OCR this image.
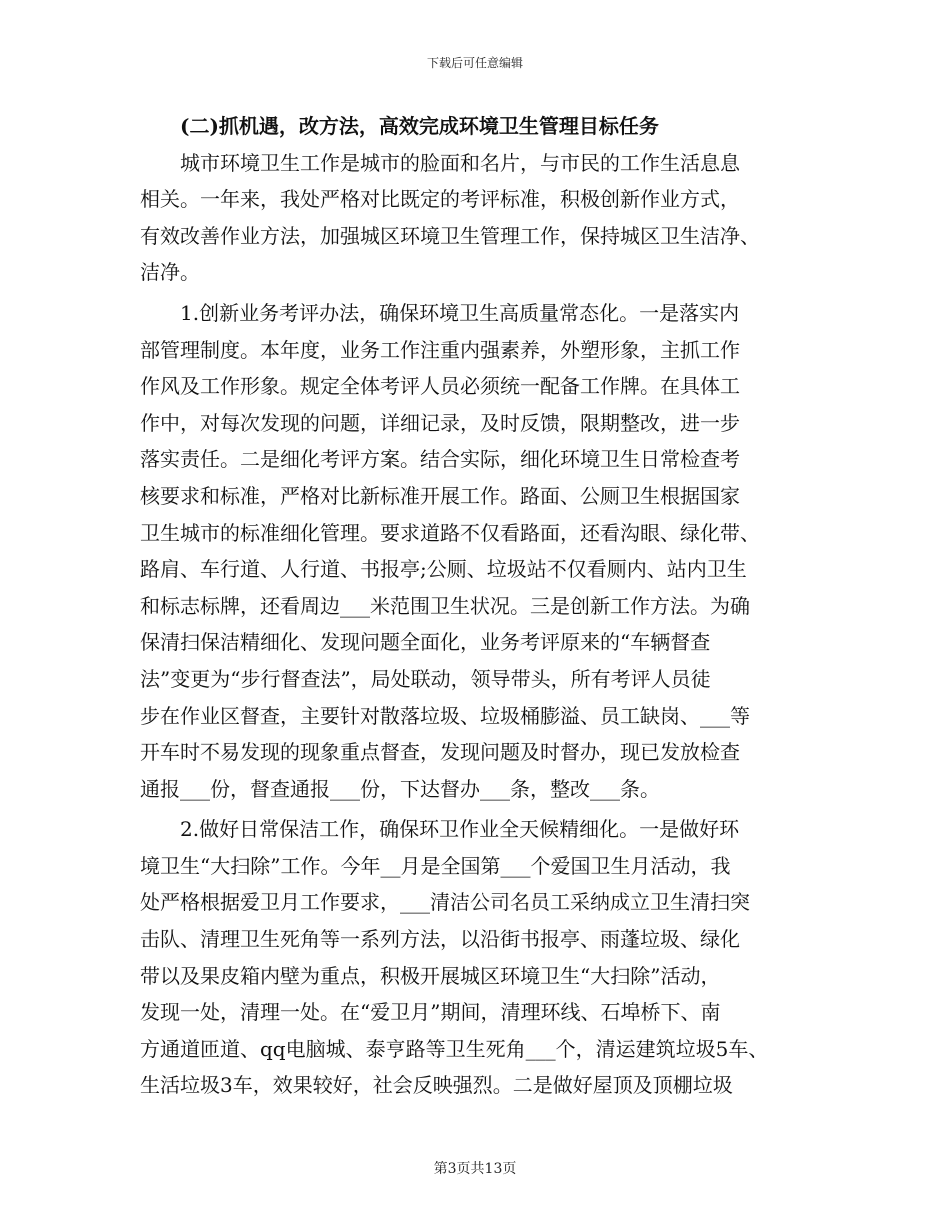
下载后可任意编辑
(二)抓机遇，改方法，高效完成环境卫生管理目标任务
城市环境卫生工作是城市的脸面和名片，与市民的工作生活息息
相关。一年来，我处严格对比既定的考评标准，积极创新作业方式，
有效改善作业方法，加强城区环境卫生管理工作，保持城区卫生洁净、
洁净。
1.创新业务考评办法，确保环境卫生高质量常态化。一是落实内
部管理制度。本年度，业务工作注重内强素养，外塑形象，主抓工作
作风及工作形象。规定全体考评人员必须统一配备工作牌。在具体工
作中，对每次发现的问题，详细记录，及时反馈，限期整改，进一步
落实责任。二是细化考评方案。结合实际，细化环境卫生日常检查考
核要求和标准，严格对比新标准开展工作。路面、公厕卫生根据国家
卫生城市的标准细化管理。要求道路不仅看路面，还看沟眼、绿化带、
路肩、车行道、人行道、书报亭;公厕、垃圾站不仅看厕内、站内卫生
和标志标牌，还看周边___米范围卫生状况。三是创新工作方法。为确
保清扫保洁精细化、发现问题全面化，业务考评原来的“车辆督查
法”变更为“步行督查法”，局处联动，领导带头，所有考评人员徒
步在作业区督查，主要针对散落垃圾、垃圾桶膨溢、员工缺岗、___等
开车时不易发现的现象重点督查，发现问题及时督办，现已发放检查
通报___份，督查通报___份，下达督办___条，整改___条。
2.做好日常保洁工作，确保环卫作业全天候精细化。一是做好环
境卫生“大扫除”工作。今年__月是全国第___个爱国卫生月活动，我
处严格根据爱卫月工作要求，___清洁公司名员工采纳成立卫生清扫突
击队、清理卫生死角等一系列方法，以沿街书报亭、雨蓬垃圾、绿化
带以及果皮箱内壁为重点，积极开展城区环境卫生“大扫除”活动，
发现一处，清理一处。在“爱卫月”期间，清理环线、石埠桥下、南
方通道匝道、qq电脑城、泰亨路等卫生死角___个，清运建筑垃圾5车、
生活垃圾3车，效果较好，社会反映强烈。二是做好屋顶及顶棚垃圾
第3页共13页
